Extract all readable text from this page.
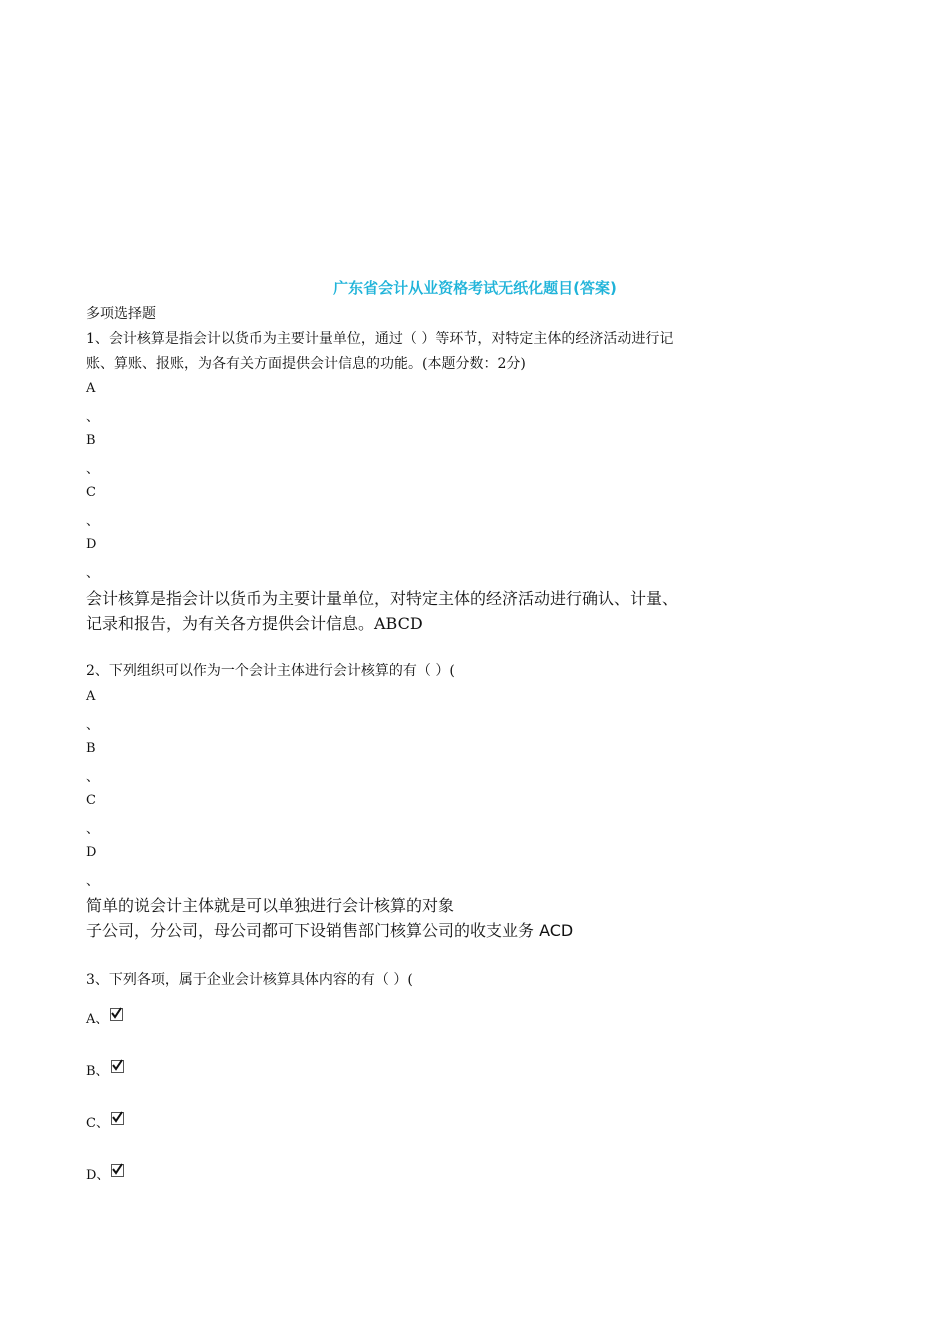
广东省会计从业资格考试无纸化题目(答案)
多项选择题
1、会计核算是指会计以货币为主要计量单位，通过（ ）等环节，对特定主体的经济活动进行记
账、算账、报账，为各有关方面提供会计信息的功能。(本题分数：2分)
A
、
B
、
C
、
D
、
会计核算是指会计以货币为主要计量单位，对特定主体的经济活动进行确认、计量、
记录和报告，为有关各方提供会计信息。ABCD
2、下列组织可以作为一个会计主体进行会计核算的有（ ）(
A
、
B
、
C
、
D
、
简单的说会计主体就是可以单独进行会计核算的对象
子公司，分公司，母公司都可下设销售部门核算公司的收支业务 ACD
3、下列各项，属于企业会计核算具体内容的有（ ）(
A、
B、
C、
D、
